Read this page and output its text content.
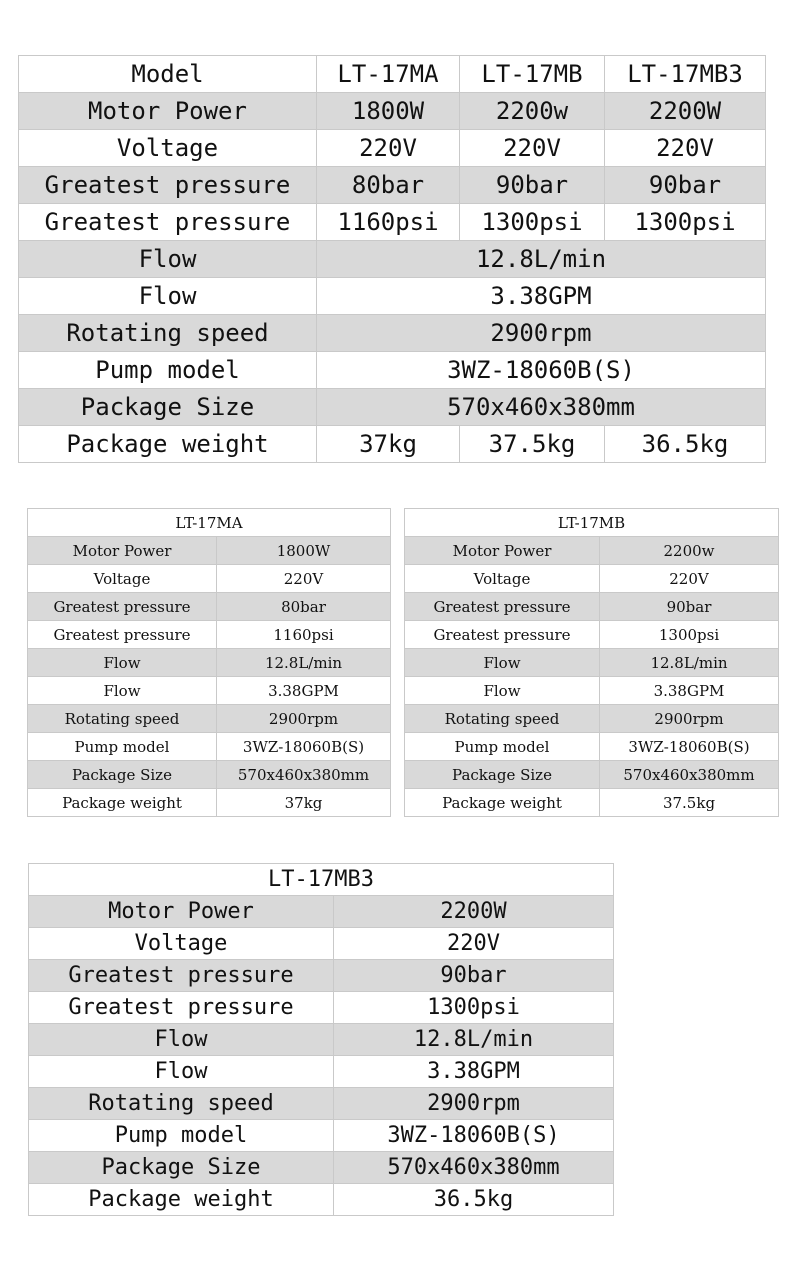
Model	LT-17MA	LT-17MB	LT-17MB3
Motor Power	1800W	2200w	2200W
Voltage	220V	220V	220V
Greatest pressure	80bar	90bar	90bar
Greatest pressure	1160psi	1300psi	1300psi
Flow	12.8L/min		
Flow	3.38GPM		
Rotating speed	2900rpm		
Pump model	3WZ-18060B(S)		
Package Size	570x460x380mm		
Package weight	37kg	37.5kg	36.5kg
LT-17MA	
Motor Power	1800W
Voltage	220V
Greatest pressure	80bar
Greatest pressure	1160psi
Flow	12.8L/min
Flow	3.38GPM
Rotating speed	2900rpm
Pump model	3WZ-18060B(S)
Package Size	570x460x380mm
Package weight	37kg
LT-17MB	
Motor Power	2200w
Voltage	220V
Greatest pressure	90bar
Greatest pressure	1300psi
Flow	12.8L/min
Flow	3.38GPM
Rotating speed	2900rpm
Pump model	3WZ-18060B(S)
Package Size	570x460x380mm
Package weight	37.5kg
LT-17MB3	
Motor Power	2200W
Voltage	220V
Greatest pressure	90bar
Greatest pressure	1300psi
Flow	12.8L/min
Flow	3.38GPM
Rotating speed	2900rpm
Pump model	3WZ-18060B(S)
Package Size	570x460x380mm
Package weight	36.5kg
